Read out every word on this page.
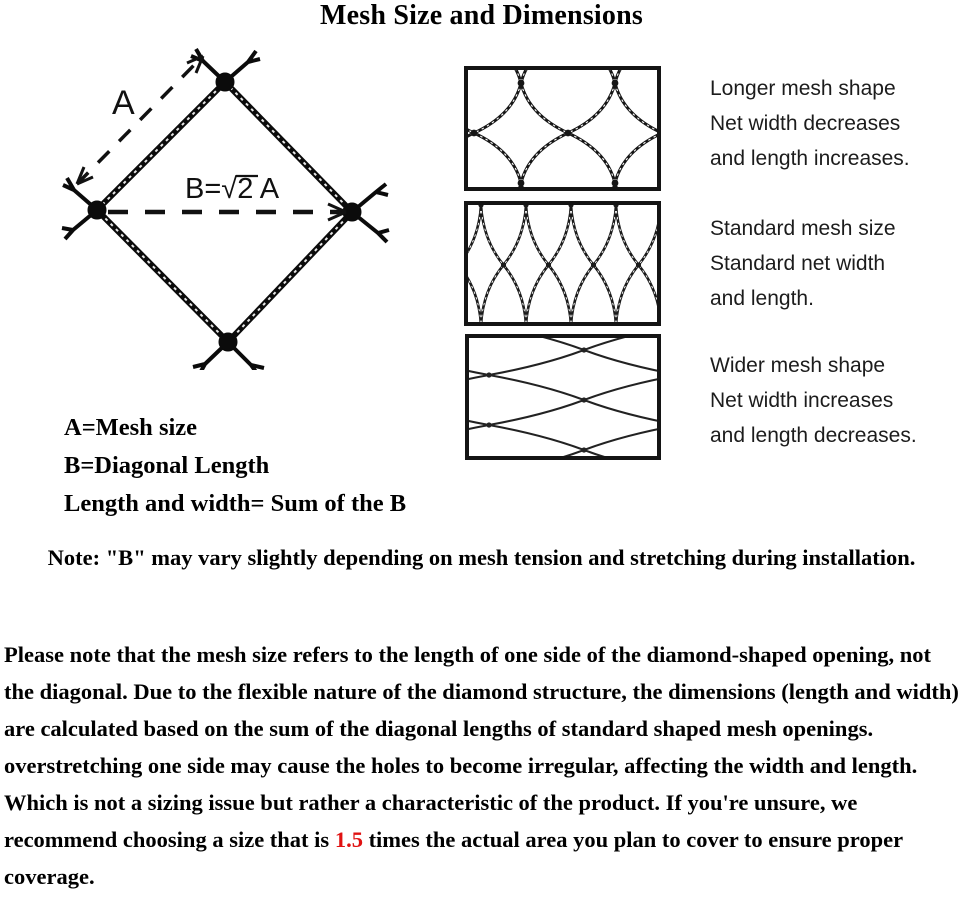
Mesh Size and Dimensions
A
B=√2 A
Longer mesh shape
Net width decreases
and length increases.
Standard mesh size
Standard net width
and length.
Wider mesh shape
Net width increases
and length decreases.
A=Mesh size
B=Diagonal Length
Length and width= Sum of the B
Note: "B" may vary slightly depending on mesh tension and stretching during installation.
Please note that the mesh size refers to the length of one side of the diamond-shaped opening, not the diagonal. Due to the flexible nature of the diamond structure, the dimensions (length and width) are calculated based on the sum of the diagonal lengths of standard shaped mesh openings. overstretching one side may cause the holes to become irregular, affecting the width and length. Which is not a sizing issue but rather a characteristic of the product. If you're unsure, we recommend choosing a size that is 1.5 times the actual area you plan to cover to ensure proper coverage.
